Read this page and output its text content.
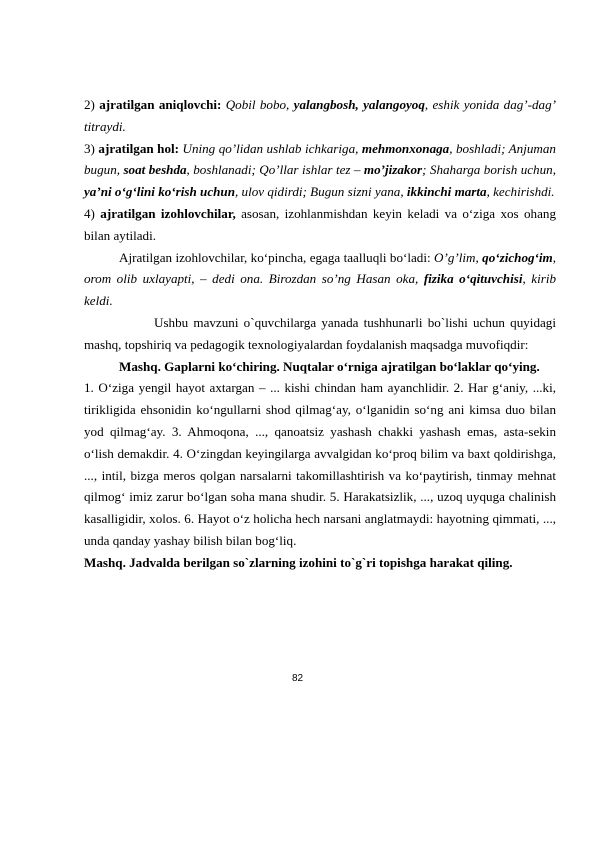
2) ajratilgan aniqlovchi: Qobil bobo, yalangbosh, yalangoyoq, eshik yonida dag’-dag’ titraydi.

3) ajratilgan hol: Uning qo’lidan ushlab ichkariga, mehmonxonaga, boshladi; Anjuman bugun, soat beshda, boshlanadi; Qo’llar ishlar tez – mo’jizakor; Shaharga borish uchun, ya’ni o‘g‘lini ko‘rish uchun, ulov qidirdi; Bugun sizni yana, ikkinchi marta, kechirishdi.

4) ajratilgan izohlovchilar, asosan, izohlanmishdan keyin keladi va o‘ziga xos ohang bilan aytiladi.

Ajratilgan izohlovchilar, ko‘pincha, egaga taalluqli bo‘ladi: O’g’lim, qo‘zichog‘im, orom olib uxlayapti, – dedi ona. Birozdan so’ng Hasan oka, fizika o‘qituvchisi, kirib keldi.

Ushbu mavzuni o`quvchilarga yanada tushhunarli bo`lishi uchun quyidagi mashq, topshiriq va pedagogik texnologiyalardan foydalanish maqsadga muvofiqdir:

Mashq. Gaplarni ko‘chiring. Nuqtalar o‘rniga ajratilgan bo‘laklar qo‘ying.

1. O‘ziga yengil hayot axtargan – ... kishi chindan ham ayanchlidir. 2. Har g‘aniy, ...ki, tirikligida ehsonidin ko‘ngullarni shod qilmag‘ay, o‘lganidin so‘ng ani kimsa duo bilan yod qilmag‘ay. 3. Ahmoqona, ..., qanoatsiz yashash chakki yashash emas, asta-sekin o‘lish demakdir. 4. O‘zingdan keyingilarga avvalgidan ko‘proq bilim va baxt qoldirishga, ..., intil, bizga meros qolgan narsalarni takomillashtirish va ko‘paytirish, tinmay mehnat qilmog‘ imiz zarur bo‘lgan soha mana shudir. 5. Harakatsizlik, ..., uzoq uyquga chalinish kasalligidir, xolos. 6. Hayot o‘z holicha hech narsani anglatmaydi: hayotning qimmati, ..., unda qanday yashay bilish bilan bog‘liq.

Mashq. Jadvalda berilgan so`zlarning izohini to`g`ri topishga harakat qiling.

82
